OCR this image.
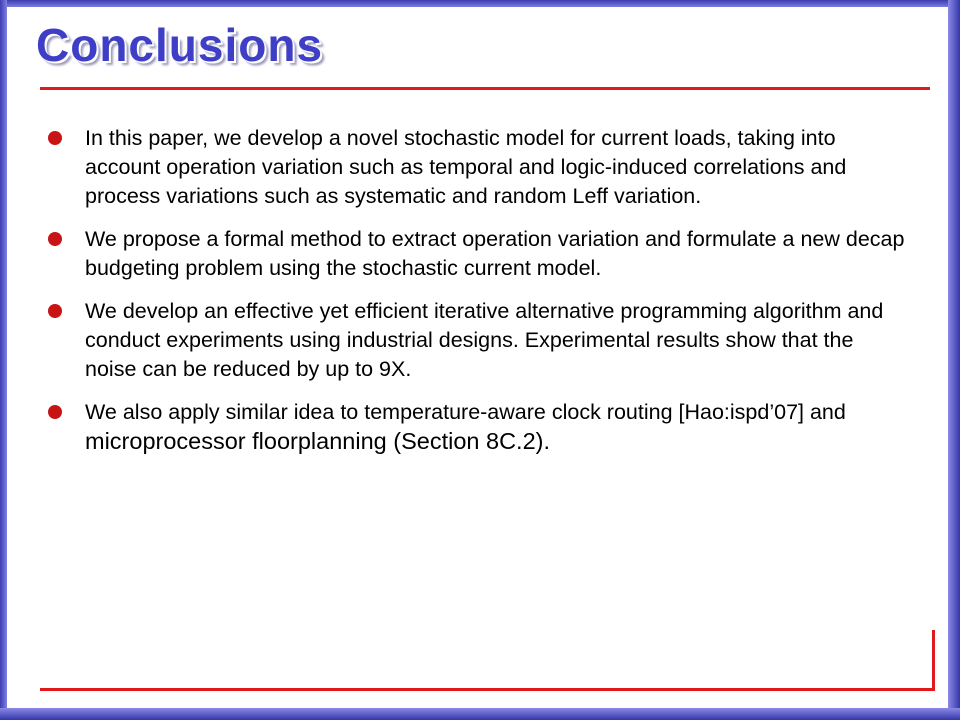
Conclusions
In this paper, we develop a novel stochastic model for current loads, taking into account operation variation such as temporal and logic-induced correlations and process variations such as systematic and random Leff variation.
We propose a formal method to extract operation variation and formulate a new decap budgeting problem using the stochastic current model.
We develop an effective yet efficient iterative alternative programming algorithm and conduct experiments using industrial designs. Experimental results show that the noise can be reduced by up to 9X.
We also apply similar idea to temperature-aware clock routing [Hao:ispd’07] and microprocessor floorplanning (Section 8C.2).
